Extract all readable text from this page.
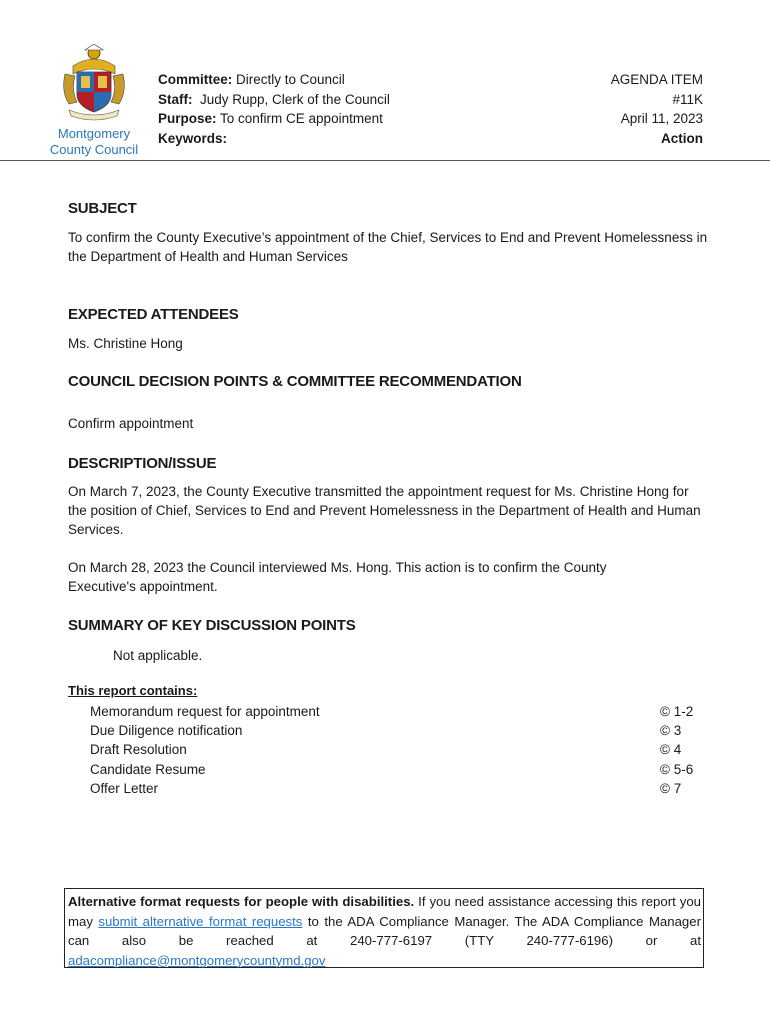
Montgomery
County Council
Committee: Directly to Council
Staff:  Judy Rupp, Clerk of the Council
Purpose: To confirm CE appointment
Keywords:
AGENDA ITEM
#11K
April 11, 2023
Action
SUBJECT
To confirm the County Executive’s appointment of the Chief, Services to End and Prevent Homelessness in the Department of Health and Human Services
EXPECTED ATTENDEES
Ms. Christine Hong
COUNCIL DECISION POINTS & COMMITTEE RECOMMENDATION
Confirm appointment
DESCRIPTION/ISSUE
On March 7, 2023, the County Executive transmitted the appointment request for Ms. Christine Hong for the position of Chief, Services to End and Prevent Homelessness in the Department of Health and Human Services.
On March 28, 2023 the Council interviewed Ms. Hong. This action is to confirm the County Executive's appointment.
SUMMARY OF KEY DISCUSSION POINTS
Not applicable.
This report contains:
Memorandum request for appointment	© 1-2
Due Diligence notification	© 3
Draft Resolution	© 4
Candidate Resume	© 5-6
Offer Letter	© 7
Alternative format requests for people with disabilities. If you need assistance accessing this report you may submit alternative format requests to the ADA Compliance Manager. The ADA Compliance Manager can also be reached at 240-777-6197 (TTY 240-777-6196) or at adacompliance@montgomerycountymd.gov
